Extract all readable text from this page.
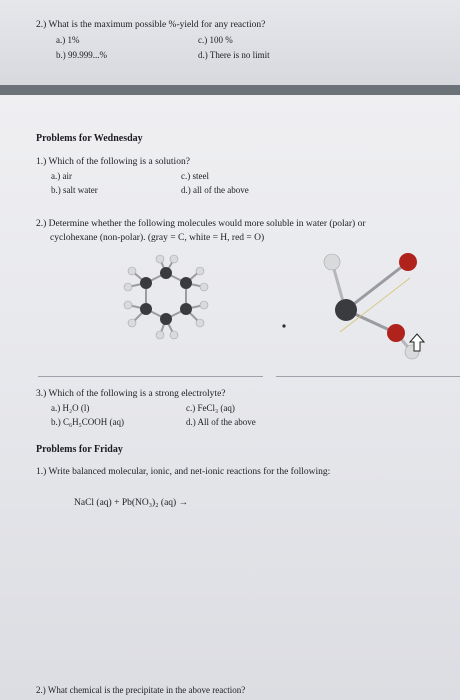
2.) What is the maximum possible %-yield for any reaction?
a.) 1%
b.) 99.999...%
c.) 100 %
d.) There is no limit
Problems for Wednesday
1.) Which of the following is a solution?
a.) air
b.) salt water
c.) steel
d.) all of the above
2.) Determine whether the following molecules would more soluble in water (polar) or
cyclohexane (non-polar). (gray = C, white = H, red = O)
3.) Which of the following is a strong electrolyte?
a.) H₂O (l)
b.) C₆H₅COOH (aq)
c.) FeCl₃ (aq)
d.) All of the above
Problems for Friday
1.) Write balanced molecular, ionic, and net-ionic reactions for the following:
NaCl (aq) + Pb(NO₃)₂ (aq) →
2.) What chemical is the precipitate in the above reaction?
